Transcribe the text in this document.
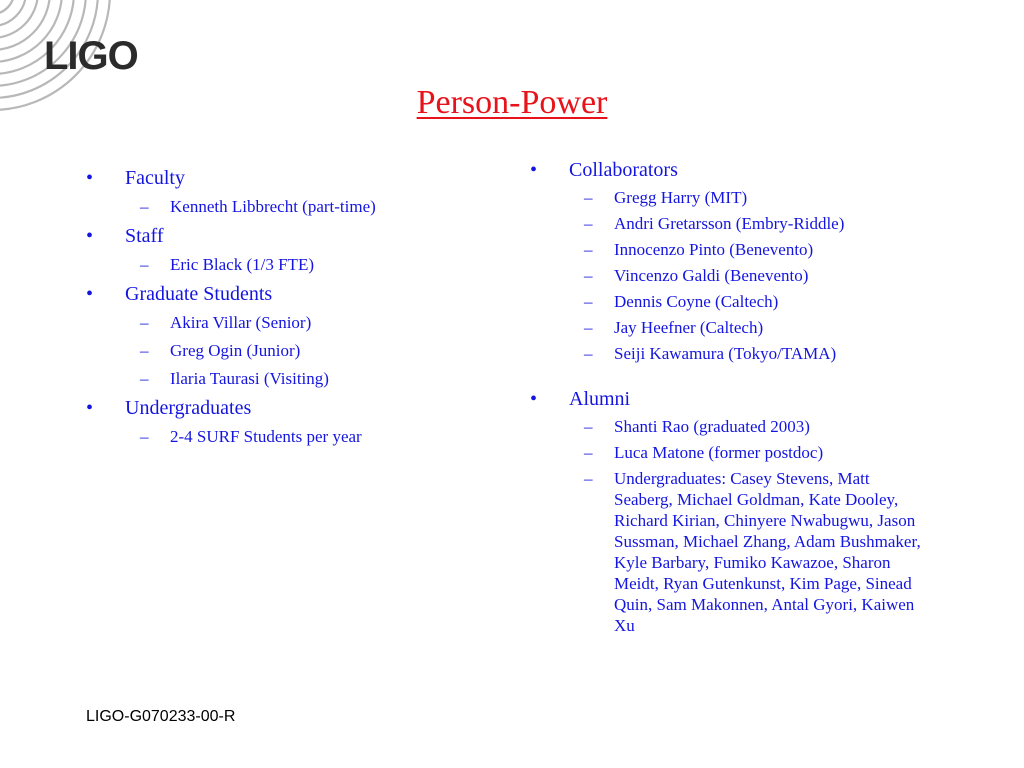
LIGO
Person-Power
•	Faculty
– Kenneth Libbrecht (part-time)
•	Staff
– Eric Black (1/3 FTE)
•	Graduate Students
– Akira Villar (Senior)
– Greg Ogin (Junior)
– Ilaria Taurasi (Visiting)
•	Undergraduates
– 2-4 SURF Students per year
•	Collaborators
– Gregg Harry (MIT)
– Andri Gretarsson (Embry-Riddle)
– Innocenzo Pinto (Benevento)
– Vincenzo Galdi (Benevento)
– Dennis Coyne (Caltech)
– Jay Heefner (Caltech)
– Seiji Kawamura (Tokyo/TAMA)
•	Alumni
– Shanti Rao (graduated 2003)
– Luca Matone (former postdoc)
– Undergraduates: Casey Stevens, Matt Seaberg, Michael Goldman, Kate Dooley, Richard Kirian, Chinyere Nwabugwu, Jason Sussman, Michael Zhang, Adam Bushmaker, Kyle Barbary, Fumiko Kawazoe, Sharon Meidt, Ryan Gutenkunst, Kim Page, Sinead Quin, Sam Makonnen, Antal Gyori, Kaiwen Xu
LIGO-G070233-00-R
